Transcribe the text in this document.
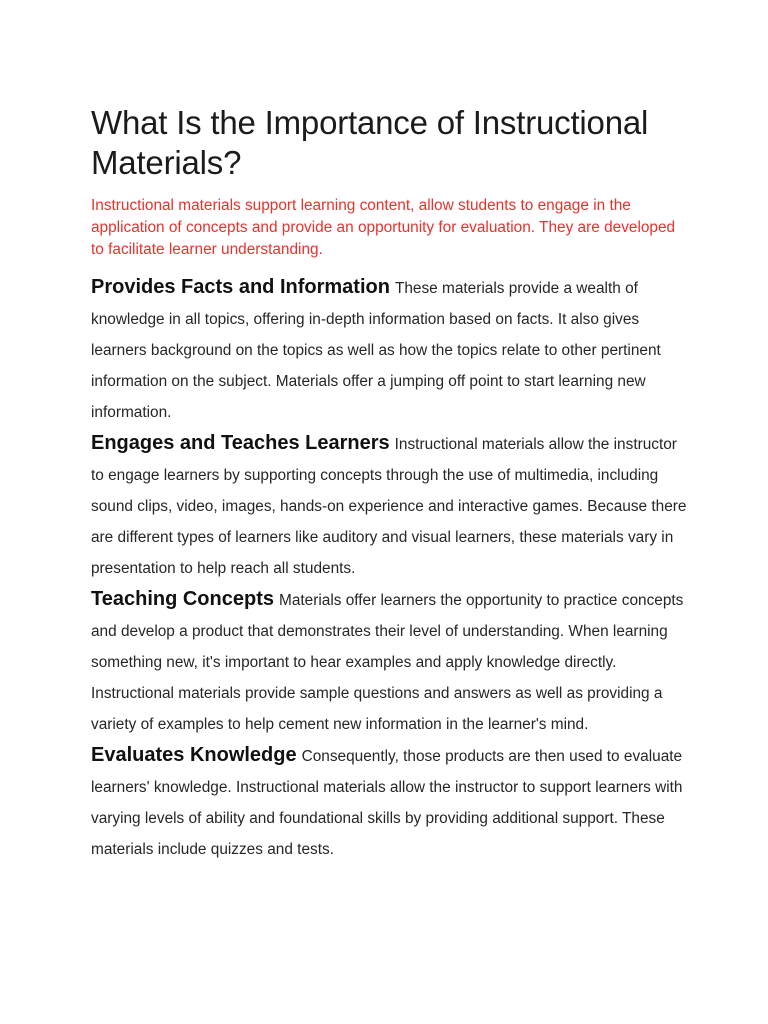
What Is the Importance of Instructional Materials?

Instructional materials support learning content, allow students to engage in the application of concepts and provide an opportunity for evaluation. They are developed to facilitate learner understanding.

Provides Facts and Information These materials provide a wealth of knowledge in all topics, offering in-depth information based on facts. It also gives learners background on the topics as well as how the topics relate to other pertinent information on the subject. Materials offer a jumping off point to start learning new information.

Engages and Teaches Learners Instructional materials allow the instructor to engage learners by supporting concepts through the use of multimedia, including sound clips, video, images, hands-on experience and interactive games. Because there are different types of learners like auditory and visual learners, these materials vary in presentation to help reach all students.

Teaching Concepts Materials offer learners the opportunity to practice concepts and develop a product that demonstrates their level of understanding. When learning something new, it's important to hear examples and apply knowledge directly. Instructional materials provide sample questions and answers as well as providing a variety of examples to help cement new information in the learner's mind.

Evaluates Knowledge Consequently, those products are then used to evaluate learners' knowledge. Instructional materials allow the instructor to support learners with varying levels of ability and foundational skills by providing additional support. These materials include quizzes and tests.
